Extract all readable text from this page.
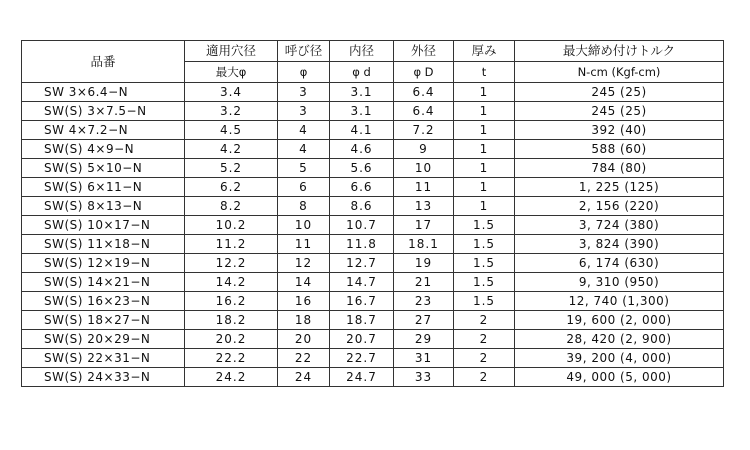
品番	適用穴径	呼び径	内径	外径	厚み	最大締め付けトルク
	最大φ	φ	φ d	φ D	t	N-cm (Kgf-cm)
SW 3×6.4−N	3.4	3	3.1	6.4	1	245 (25)
SW(S) 3×7.5−N	3.2	3	3.1	6.4	1	245 (25)
SW 4×7.2−N	4.5	4	4.1	7.2	1	392 (40)
SW(S) 4×9−N	4.2	4	4.6	9	1	588 (60)
SW(S) 5×10−N	5.2	5	5.6	10	1	784 (80)
SW(S) 6×11−N	6.2	6	6.6	11	1	1, 225 (125)
SW(S) 8×13−N	8.2	8	8.6	13	1	2, 156 (220)
SW(S) 10×17−N	10.2	10	10.7	17	1.5	3, 724 (380)
SW(S) 11×18−N	11.2	11	11.8	18.1	1.5	3, 824 (390)
SW(S) 12×19−N	12.2	12	12.7	19	1.5	6, 174 (630)
SW(S) 14×21−N	14.2	14	14.7	21	1.5	9, 310 (950)
SW(S) 16×23−N	16.2	16	16.7	23	1.5	12, 740 (1,300)
SW(S) 18×27−N	18.2	18	18.7	27	2	19, 600 (2, 000)
SW(S) 20×29−N	20.2	20	20.7	29	2	28, 420 (2, 900)
SW(S) 22×31−N	22.2	22	22.7	31	2	39, 200 (4, 000)
SW(S) 24×33−N	24.2	24	24.7	33	2	49, 000 (5, 000)
